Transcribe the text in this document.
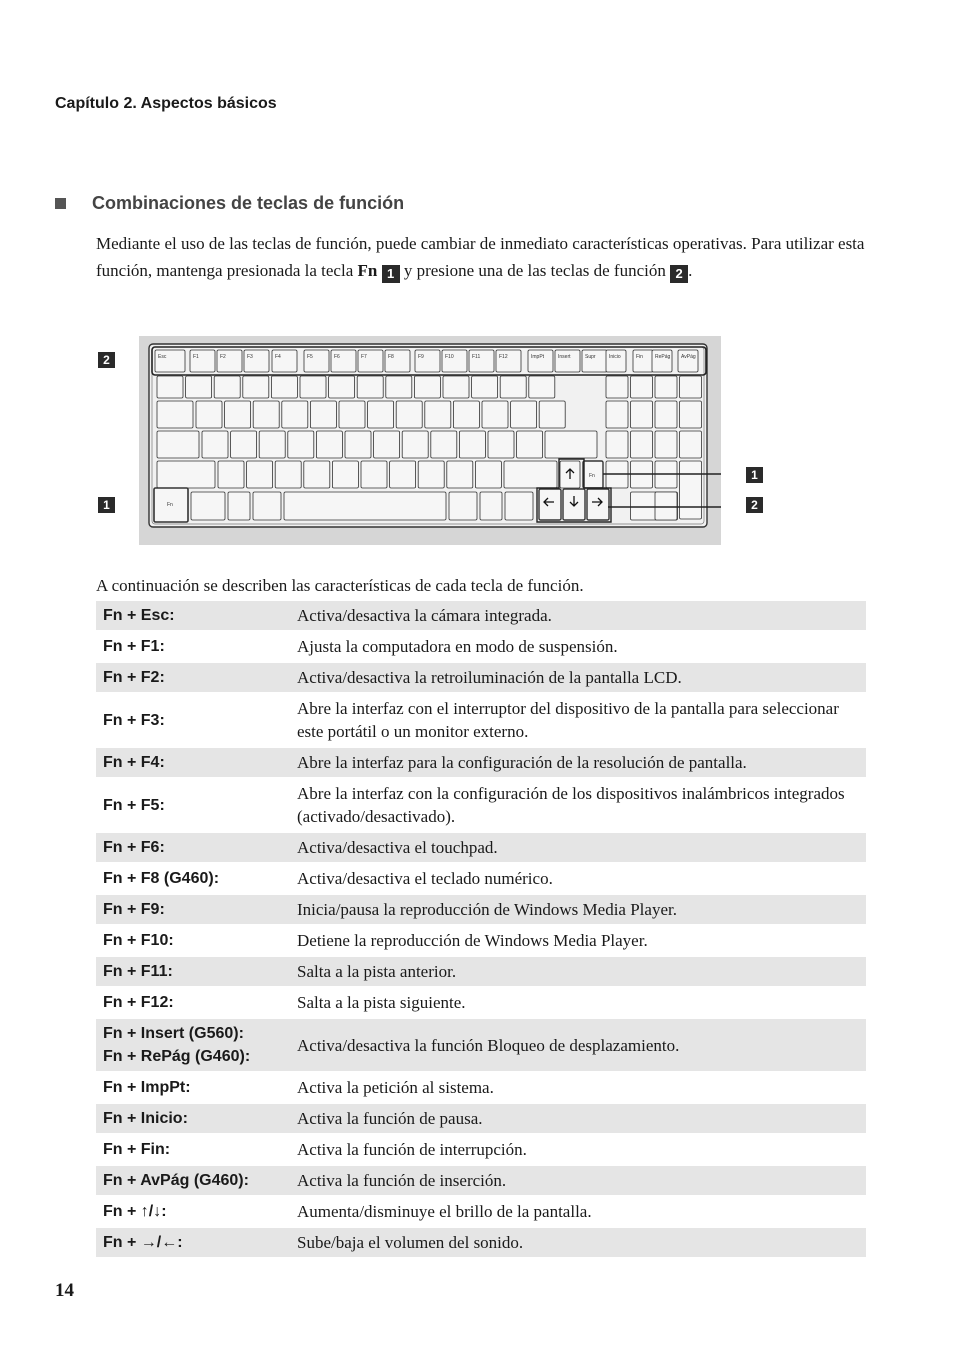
Capítulo 2. Aspectos básicos
Combinaciones de teclas de función

Mediante el uso de las teclas de función, puede cambiar de inmediato características operativas. Para utilizar esta función, mantenga presionada la tecla Fn 1 y presione una de las teclas de función 2 .

Esc	F1	F2	F3	F4	F5	F6	F7	F8	F9	F10	F11	F12	ImpPt	Insert	Supr	Inicio	Fin RePág AvPág
Fn
Fn
2
1
1
2
A continuación se describen las características de cada tecla de función.
Fn + Esc:	Activa/desactiva la cámara integrada.

Fn + F1:	Ajusta la computadora en modo de suspensión.

Fn + F2:	Activa/desactiva la retroiluminación de la pantalla LCD.

Fn + F3:	Abre la interfaz con el interruptor del dispositivo de la pantalla para seleccionar este portátil o un monitor externo.

Fn + F4:	Abre la interfaz para la configuración de la resolución de pantalla.

Fn + F5:	Abre la interfaz con la configuración de los dispositivos inalámbricos integrados (activado/desactivado).

Fn + F6:	Activa/desactiva el touchpad.

Fn + F8 (G460):	Activa/desactiva el teclado numérico.

Fn + F9:	Inicia/pausa la reproducción de Windows Media Player.

Fn + F10:	Detiene la reproducción de Windows Media Player.

Fn + F11:	Salta a la pista anterior.

Fn + F12:	Salta a la pista siguiente.

Fn + Insert (G560):
Fn + RePág (G460):	Activa/desactiva la función Bloqueo de desplazamiento.

Fn + ImpPt:	Activa la petición al sistema.

Fn + Inicio:	Activa la función de pausa.

Fn + Fin:	Activa la función de interrupción.

Fn + AvPág (G460):	Activa la función de inserción.

Fn + ↑/↓:	Aumenta/disminuye el brillo de la pantalla.

Fn + →/←:	Sube/baja el volumen del sonido.
14
